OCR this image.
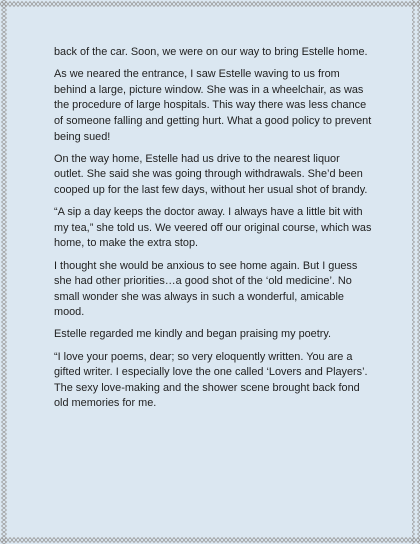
back of the car. Soon, we were on our way to bring Estelle home.

As we neared the entrance, I saw Estelle waving to us from behind a large, picture window. She was in a wheelchair, as was the procedure of large hospitals. This way there was less chance of someone falling and getting hurt. What a good policy to prevent being sued!

On the way home, Estelle had us drive to the nearest liquor outlet. She said she was going through withdrawals. She’d been cooped up for the last few days, without her usual shot of brandy.

“A sip a day keeps the doctor away. I always have a little bit with my tea,” she told us. We veered off our original course, which was home, to make the extra stop.

I thought she would be anxious to see home again. But I guess she had other priorities…a good shot of the ‘old medicine’. No small wonder she was always in such a wonderful, amicable mood.

Estelle regarded me kindly and began praising my poetry.

“I love your poems, dear; so very eloquently written. You are a gifted writer. I especially love the one called ‘Lovers and Players’. The sexy love-making and the shower scene brought back fond old memories for me.
